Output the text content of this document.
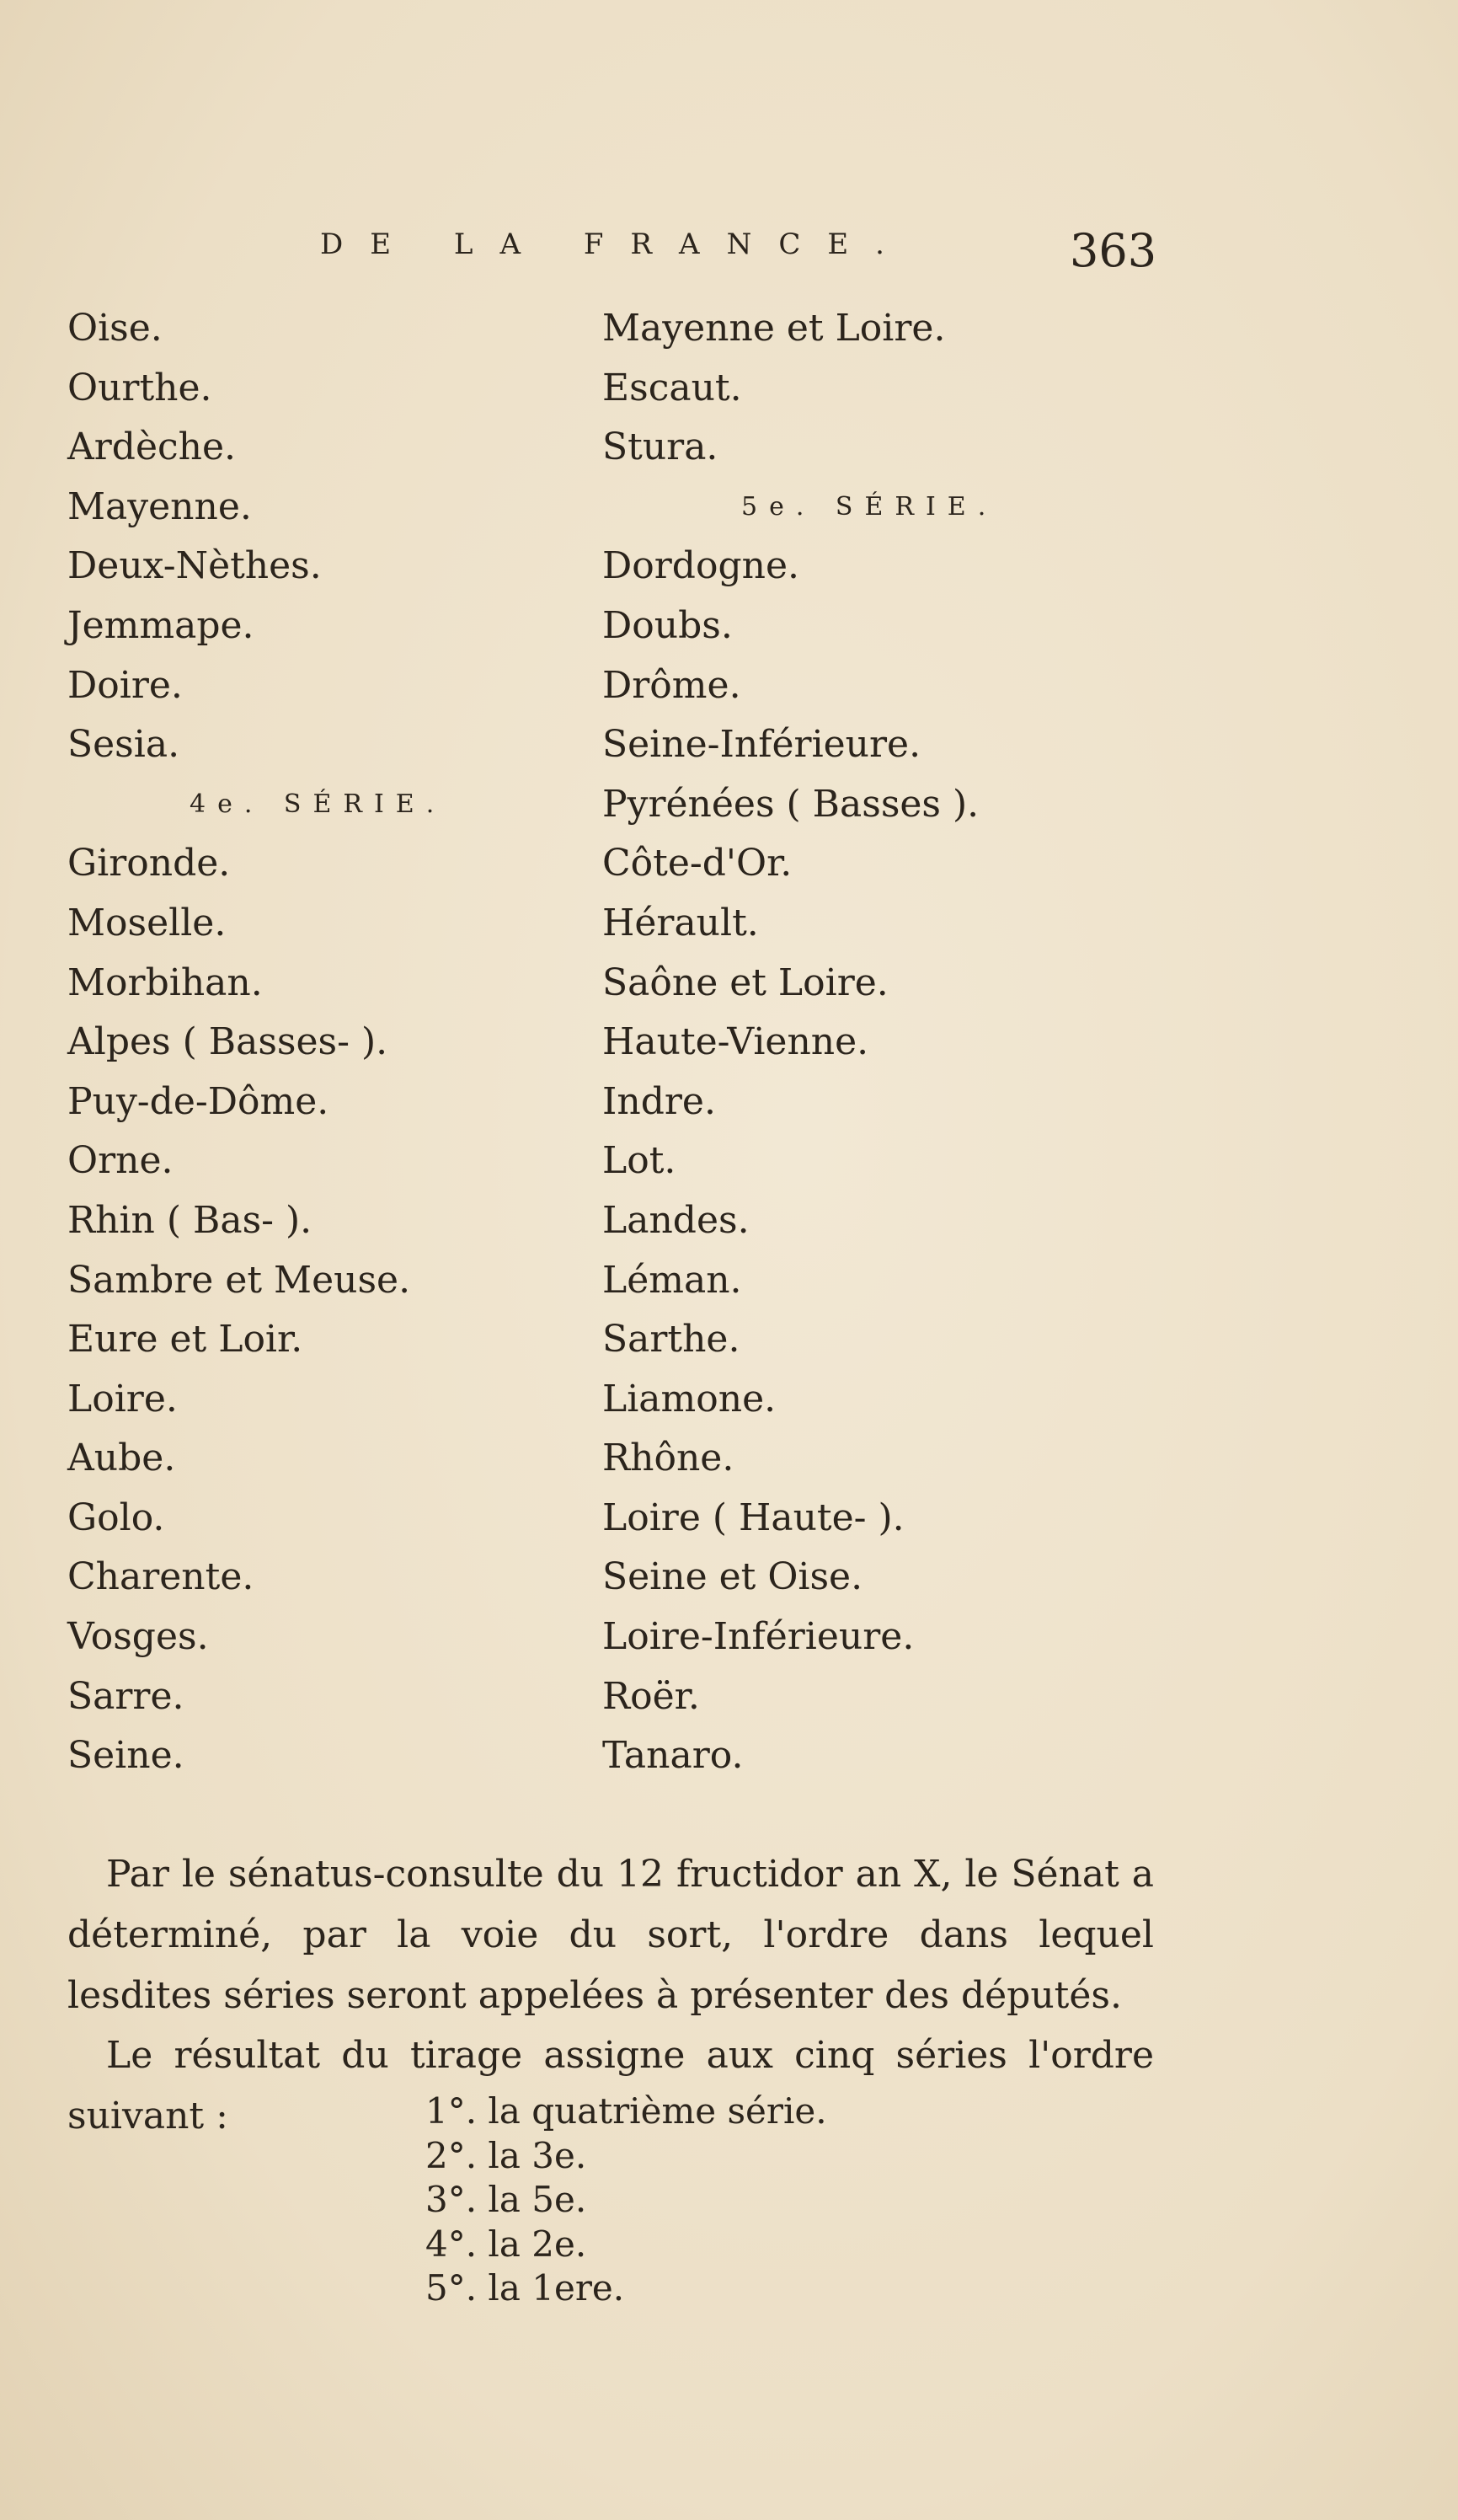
DE LA FRANCE.	363
Oise.
Ourthe.
Ardèche.
Mayenne.
Deux-Nèthes.
Jemmape.
Doire.
Sesia.
4e. SÉRIE.
Gironde.
Moselle.
Morbihan.
Alpes ( Basses- ).
Puy-de-Dôme.
Orne.
Rhin ( Bas- ).
Sambre et Meuse.
Eure et Loir.
Loire.
Aube.
Golo.
Charente.
Vosges.
Sarre.
Seine.
Mayenne et Loire.
Escaut.
Stura.
5e. SÉRIE.
Dordogne.
Doubs.
Drôme.
Seine-Inférieure.
Pyrénées ( Basses ).
Côte-d'Or.
Hérault.
Saône et Loire.
Haute-Vienne.
Indre.
Lot.
Landes.
Léman.
Sarthe.
Liamone.
Rhône.
Loire ( Haute- ).
Seine et Oise.
Loire-Inférieure.
Roër.
Tanaro.

Par le sénatus-consulte du 12 fructidor an X, le Sénat a déterminé, par la voie du sort, l'ordre dans lequel lesdites séries seront appelées à présenter des députés.

Le résultat du tirage assigne aux cinq séries l'ordre suivant :	1°. la quatrième série.
2°. la 3e.
3°. la 5e.
4°. la 2e.
5°. la 1ere.
